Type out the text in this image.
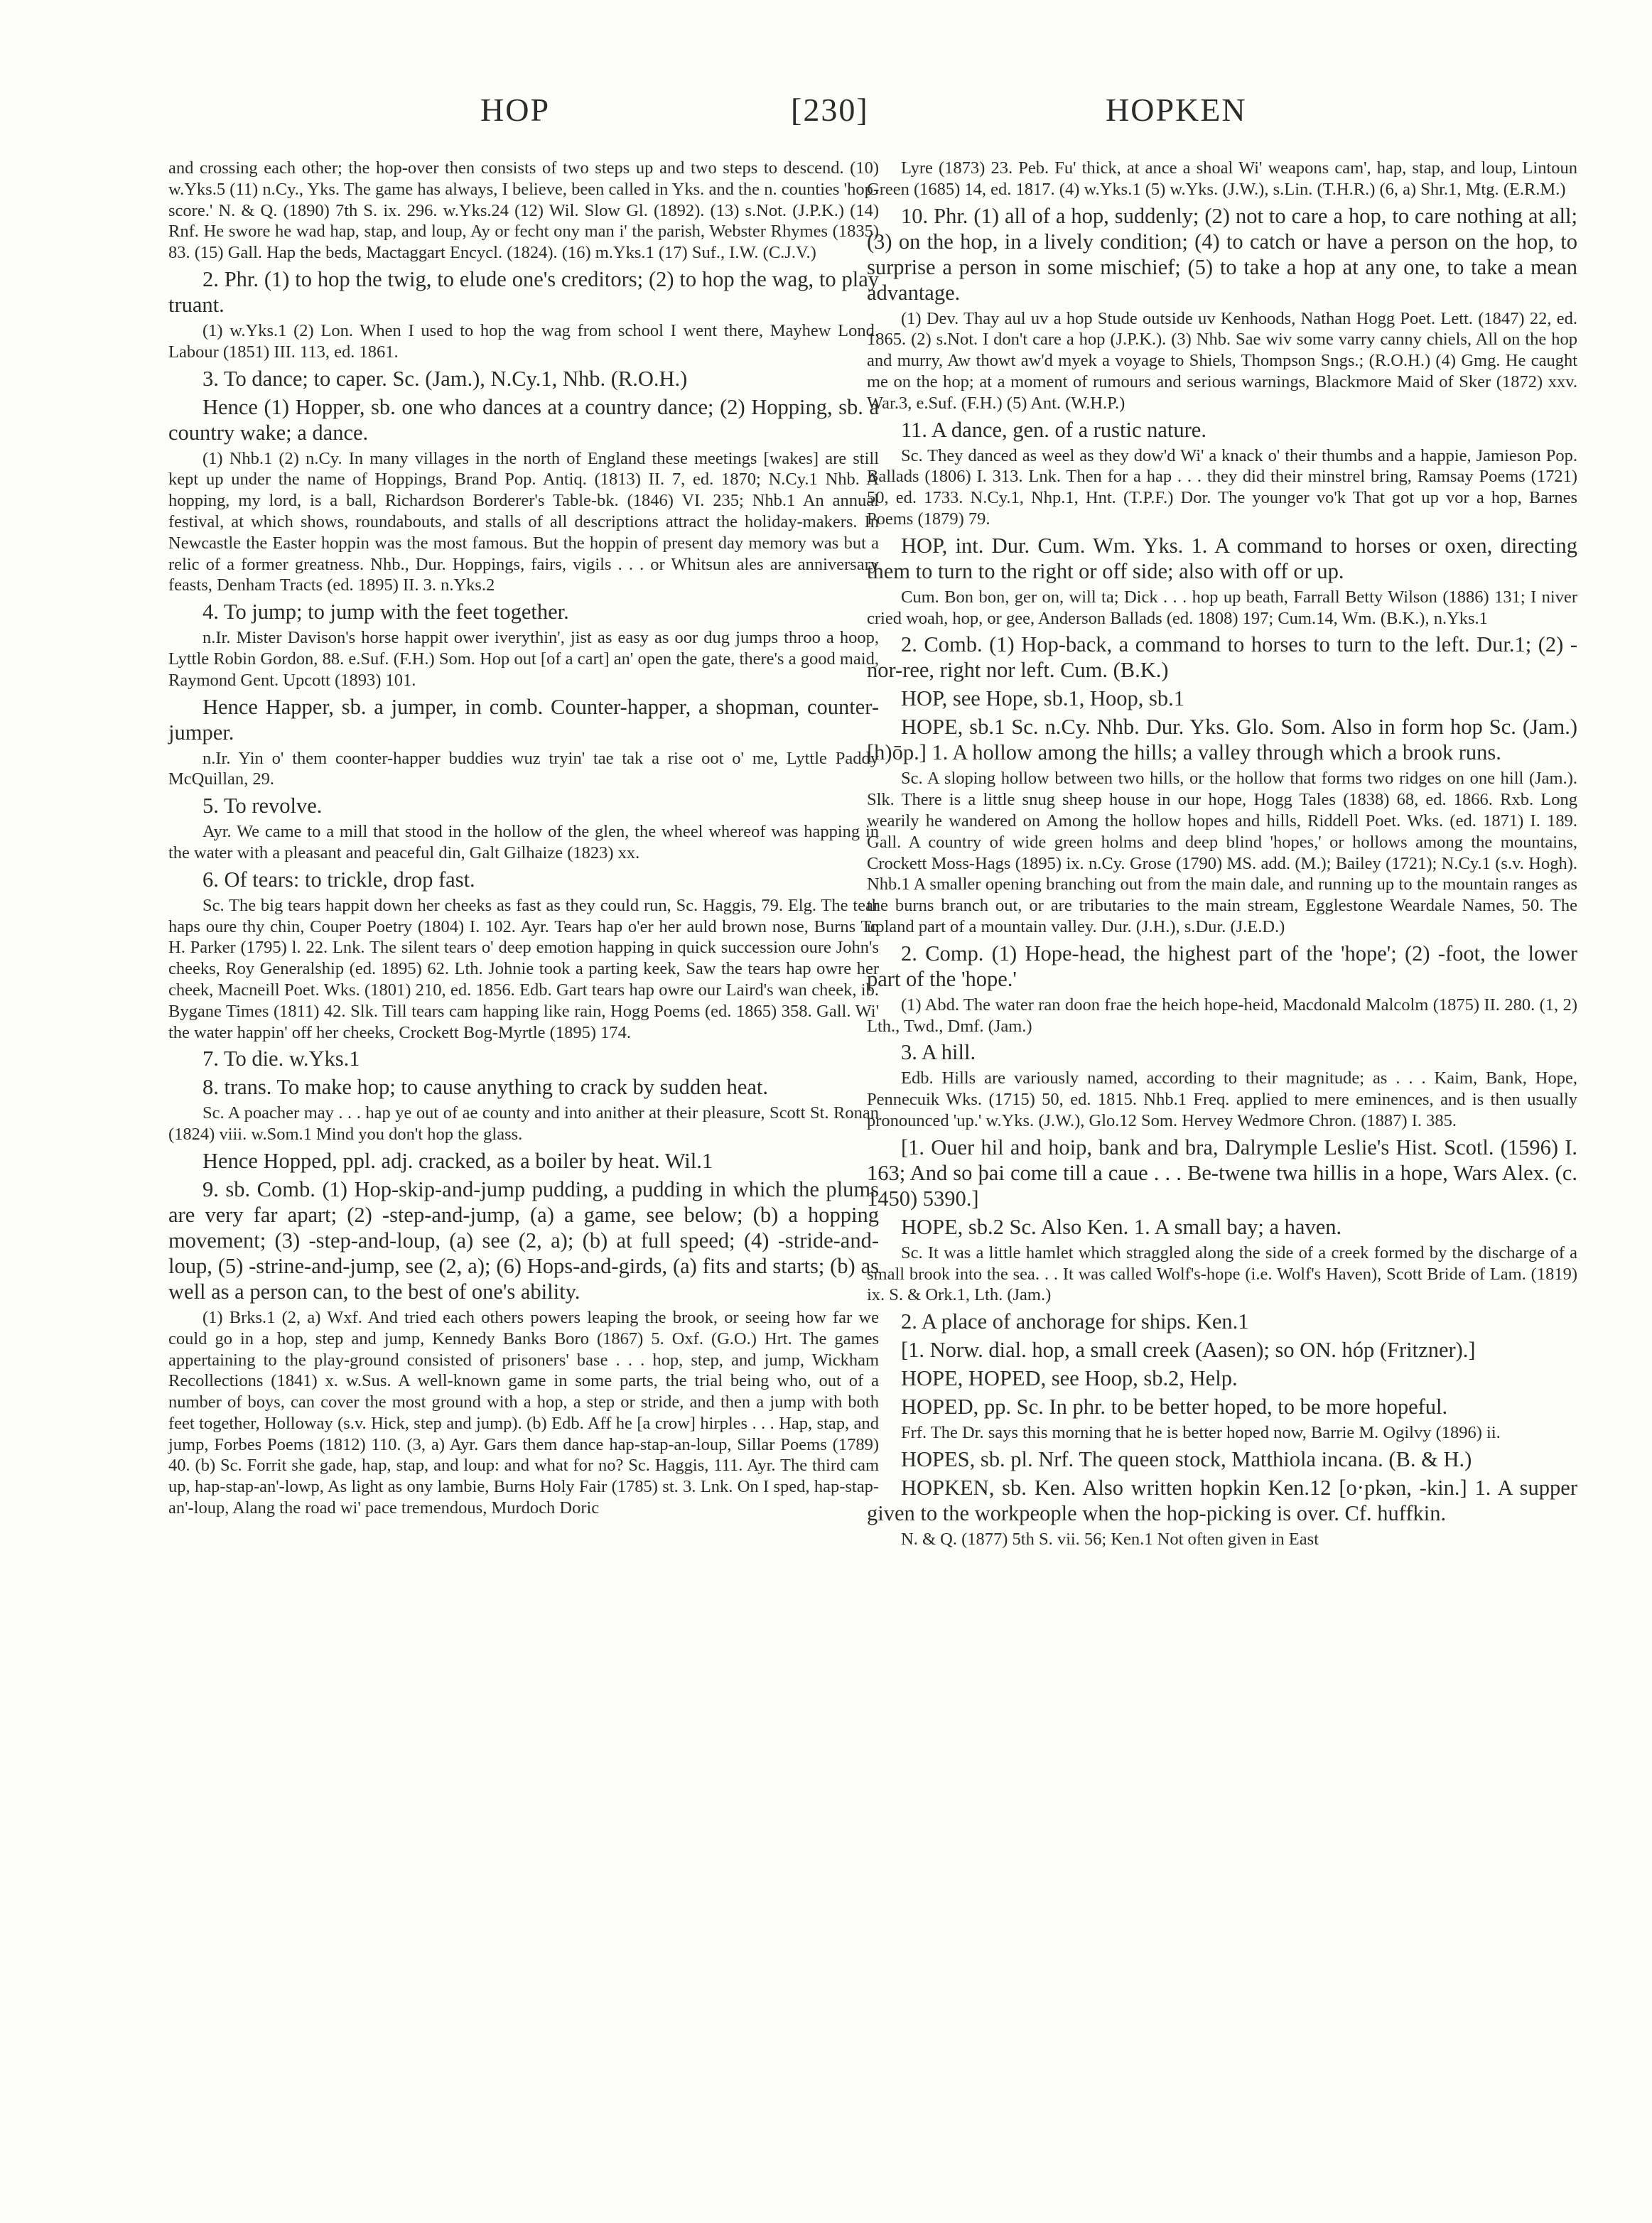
HOP	[230]	HOPKEN

and crossing each other; the hop-over then consists of two steps up and two steps to descend. (10) w.Yks.5 (11) n.Cy., Yks. The game has always, I believe, been called in Yks. and the n. counties 'hop-score.' N. & Q. (1890) 7th S. ix. 296. w.Yks.24 (12) Wil. Slow Gl. (1892). (13) s.Not. (J.P.K.) (14) Rnf. He swore he wad hap, stap, and loup, Ay or fecht ony man i' the parish, Webster Rhymes (1835) 83. (15) Gall. Hap the beds, Mactaggart Encycl. (1824). (16) m.Yks.1 (17) Suf., I.W. (C.J.V.)

2. Phr. (1) to hop the twig, to elude one's creditors; (2) to hop the wag, to play truant.

(1) w.Yks.1 (2) Lon. When I used to hop the wag from school I went there, Mayhew Lond. Labour (1851) III. 113, ed. 1861.

3. To dance; to caper. Sc. (Jam.), N.Cy.1, Nhb. (R.O.H.)

Hence (1) Hopper, sb. one who dances at a country dance; (2) Hopping, sb. a country wake; a dance.

(1) Nhb.1 (2) n.Cy. In many villages in the north of England these meetings [wakes] are still kept up under the name of Hoppings, Brand Pop. Antiq. (1813) II. 7, ed. 1870; N.Cy.1 Nhb. A hopping, my lord, is a ball, Richardson Borderer's Table-bk. (1846) VI. 235; Nhb.1 An annual festival, at which shows, roundabouts, and stalls of all descriptions attract the holiday-makers. In Newcastle the Easter hoppin was the most famous. But the hoppin of present day memory was but a relic of a former greatness. Nhb., Dur. Hoppings, fairs, vigils . . . or Whitsun ales are anniversary feasts, Denham Tracts (ed. 1895) II. 3. n.Yks.2

4. To jump; to jump with the feet together.

n.Ir. Mister Davison's horse happit ower iverythin', jist as easy as oor dug jumps throo a hoop, Lyttle Robin Gordon, 88. e.Suf. (F.H.) Som. Hop out [of a cart] an' open the gate, there's a good maid, Raymond Gent. Upcott (1893) 101.

Hence Happer, sb. a jumper, in comb. Counter-happer, a shopman, counter-jumper.

n.Ir. Yin o' them coonter-happer buddies wuz tryin' tae tak a rise oot o' me, Lyttle Paddy McQuillan, 29.

5. To revolve.

Ayr. We came to a mill that stood in the hollow of the glen, the wheel whereof was happing in the water with a pleasant and peaceful din, Galt Gilhaize (1823) xx.

6. Of tears: to trickle, drop fast.

Sc. The big tears happit down her cheeks as fast as they could run, Sc. Haggis, 79. Elg. The tear haps oure thy chin, Couper Poetry (1804) I. 102. Ayr. Tears hap o'er her auld brown nose, Burns To H. Parker (1795) l. 22. Lnk. The silent tears o' deep emotion happing in quick succession oure John's cheeks, Roy Generalship (ed. 1895) 62. Lth. Johnie took a parting keek, Saw the tears hap owre her cheek, Macneill Poet. Wks. (1801) 210, ed. 1856. Edb. Gart tears hap owre our Laird's wan cheek, ib. Bygane Times (1811) 42. Slk. Till tears cam happing like rain, Hogg Poems (ed. 1865) 358. Gall. Wi' the water happin' off her cheeks, Crockett Bog-Myrtle (1895) 174.

7. To die. w.Yks.1

8. trans. To make hop; to cause anything to crack by sudden heat.

Sc. A poacher may . . . hap ye out of ae county and into anither at their pleasure, Scott St. Ronan (1824) viii. w.Som.1 Mind you don't hop the glass.

Hence Hopped, ppl. adj. cracked, as a boiler by heat. Wil.1

9. sb. Comb. (1) Hop-skip-and-jump pudding, a pudding in which the plums are very far apart; (2) -step-and-jump, (a) a game, see below; (b) a hopping movement; (3) -step-and-loup, (a) see (2, a); (b) at full speed; (4) -stride-and-loup, (5) -strine-and-jump, see (2, a); (6) Hops-and-girds, (a) fits and starts; (b) as well as a person can, to the best of one's ability.

(1) Brks.1 (2, a) Wxf. And tried each others powers leaping the brook, or seeing how far we could go in a hop, step and jump, Kennedy Banks Boro (1867) 5. Oxf. (G.O.) Hrt. The games appertaining to the play-ground consisted of prisoners' base . . . hop, step, and jump, Wickham Recollections (1841) x. w.Sus. A well-known game in some parts, the trial being who, out of a number of boys, can cover the most ground with a hop, a step or stride, and then a jump with both feet together, Holloway (s.v. Hick, step and jump). (b) Edb. Aff he [a crow] hirples . . . Hap, stap, and jump, Forbes Poems (1812) 110. (3, a) Ayr. Gars them dance hap-stap-an-loup, Sillar Poems (1789) 40. (b) Sc. Forrit she gade, hap, stap, and loup: and what for no? Sc. Haggis, 111. Ayr. The third cam up, hap-stap-an'-lowp, As light as ony lambie, Burns Holy Fair (1785) st. 3. Lnk. On I sped, hap-stap-an'-loup, Alang the road wi' pace tremendous, Murdoch Doric

Lyre (1873) 23. Peb. Fu' thick, at ance a shoal Wi' weapons cam', hap, stap, and loup, Lintoun Green (1685) 14, ed. 1817. (4) w.Yks.1 (5) w.Yks. (J.W.), s.Lin. (T.H.R.) (6, a) Shr.1, Mtg. (E.R.M.)

10. Phr. (1) all of a hop, suddenly; (2) not to care a hop, to care nothing at all; (3) on the hop, in a lively condition; (4) to catch or have a person on the hop, to surprise a person in some mischief; (5) to take a hop at any one, to take a mean advantage.

(1) Dev. Thay aul uv a hop Stude outside uv Kenhoods, Nathan Hogg Poet. Lett. (1847) 22, ed. 1865. (2) s.Not. I don't care a hop (J.P.K.). (3) Nhb. Sae wiv some varry canny chiels, All on the hop and murry, Aw thowt aw'd myek a voyage to Shiels, Thompson Sngs.; (R.O.H.) (4) Gmg. He caught me on the hop; at a moment of rumours and serious warnings, Blackmore Maid of Sker (1872) xxv. War.3, e.Suf. (F.H.) (5) Ant. (W.H.P.)

11. A dance, gen. of a rustic nature.

Sc. They danced as weel as they dow'd Wi' a knack o' their thumbs and a happie, Jamieson Pop. Ballads (1806) I. 313. Lnk. Then for a hap . . . they did their minstrel bring, Ramsay Poems (1721) 50, ed. 1733. N.Cy.1, Nhp.1, Hnt. (T.P.F.) Dor. The younger vo'k That got up vor a hop, Barnes Poems (1879) 79.

HOP, int. Dur. Cum. Wm. Yks. 1. A command to horses or oxen, directing them to turn to the right or off side; also with off or up.

Cum. Bon bon, ger on, will ta; Dick . . . hop up beath, Farrall Betty Wilson (1886) 131; I niver cried woah, hop, or gee, Anderson Ballads (ed. 1808) 197; Cum.14, Wm. (B.K.), n.Yks.1

2. Comb. (1) Hop-back, a command to horses to turn to the left. Dur.1; (2) -nor-ree, right nor left. Cum. (B.K.)

HOP, see Hope, sb.1, Hoop, sb.1

HOPE, sb.1 Sc. n.Cy. Nhb. Dur. Yks. Glo. Som. Also in form hop Sc. (Jam.) [h)ōp.] 1. A hollow among the hills; a valley through which a brook runs.

Sc. A sloping hollow between two hills, or the hollow that forms two ridges on one hill (Jam.). Slk. There is a little snug sheep house in our hope, Hogg Tales (1838) 68, ed. 1866. Rxb. Long wearily he wandered on Among the hollow hopes and hills, Riddell Poet. Wks. (ed. 1871) I. 189. Gall. A country of wide green holms and deep blind 'hopes,' or hollows among the mountains, Crockett Moss-Hags (1895) ix. n.Cy. Grose (1790) MS. add. (M.); Bailey (1721); N.Cy.1 (s.v. Hogh). Nhb.1 A smaller opening branching out from the main dale, and running up to the mountain ranges as the burns branch out, or are tributaries to the main stream, Egglestone Weardale Names, 50. The upland part of a mountain valley. Dur. (J.H.), s.Dur. (J.E.D.)

2. Comp. (1) Hope-head, the highest part of the 'hope'; (2) -foot, the lower part of the 'hope.'

(1) Abd. The water ran doon frae the heich hope-heid, Macdonald Malcolm (1875) II. 280. (1, 2) Lth., Twd., Dmf. (Jam.)

3. A hill.

Edb. Hills are variously named, according to their magnitude; as . . . Kaim, Bank, Hope, Pennecuik Wks. (1715) 50, ed. 1815. Nhb.1 Freq. applied to mere eminences, and is then usually pronounced 'up.' w.Yks. (J.W.), Glo.12 Som. Hervey Wedmore Chron. (1887) I. 385.

[1. Ouer hil and hoip, bank and bra, Dalrymple Leslie's Hist. Scotl. (1596) I. 163; And so þai come till a caue . . . Be-twene twa hillis in a hope, Wars Alex. (c. 1450) 5390.]

HOPE, sb.2 Sc. Also Ken. 1. A small bay; a haven.

Sc. It was a little hamlet which straggled along the side of a creek formed by the discharge of a small brook into the sea. . . It was called Wolf's-hope (i.e. Wolf's Haven), Scott Bride of Lam. (1819) ix. S. & Ork.1, Lth. (Jam.)

2. A place of anchorage for ships. Ken.1

[1. Norw. dial. hop, a small creek (Aasen); so ON. hóp (Fritzner).]

HOPE, HOPED, see Hoop, sb.2, Help.

HOPED, pp. Sc. In phr. to be better hoped, to be more hopeful.

Frf. The Dr. says this morning that he is better hoped now, Barrie M. Ogilvy (1896) ii.

HOPES, sb. pl. Nrf. The queen stock, Matthiola incana. (B. & H.)

HOPKEN, sb. Ken. Also written hopkin Ken.12 [o·pkən, -kin.] 1. A supper given to the workpeople when the hop-picking is over. Cf. huffkin.

N. & Q. (1877) 5th S. vii. 56; Ken.1 Not often given in East
